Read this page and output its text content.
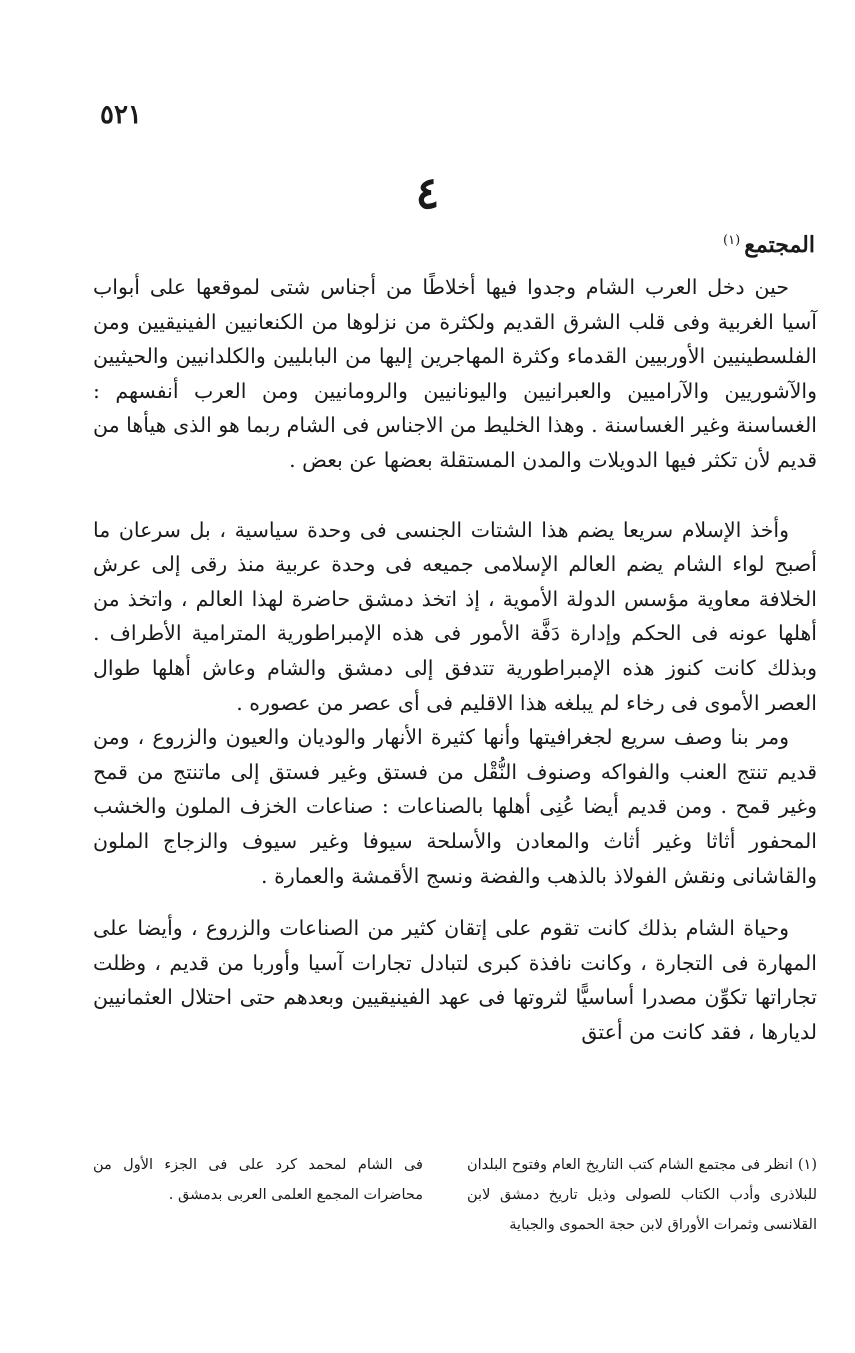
٥٢١
٤
المجتمع$^{(١)}$

حين دخل العرب الشام وجدوا فيها أخلاطًا من أجناس شتى لموقعها على أبواب آسيا الغربية وفى قلب الشرق القديم ولكثرة من نزلوها من الكنعانيين الفينيقيين ومن الفلسطينيين الأوربيين القدماء وكثرة المهاجرين إليها من البابليين والكلدانيين والحيثيين والآشوريين والآراميين والعبرانيين واليونانيين والرومانيين ومن العرب أنفسهم : الغساسنة وغير الغساسنة . وهذا الخليط من الاجناس فى الشام ربما هو الذى هيأها من قديم لأن تكثر فيها الدويلات والمدن المستقلة بعضها عن بعض .

وأخذ الإسلام سريعا يضم هذا الشتات الجنسى فى وحدة سياسية ، بل سرعان ما أصبح لواء الشام يضم العالم الإسلامى جميعه فى وحدة عربية منذ رقى إلى عرش الخلافة معاوية مؤسس الدولة الأموية ، إذ اتخذ دمشق حاضرة لهذا العالم ، واتخذ من أهلها عونه فى الحكم وإدارة دَفَّة الأمور فى هذه الإمبراطورية المترامية الأطراف . وبذلك كانت كنوز هذه الإمبراطورية تتدفق إلى دمشق والشام وعاش أهلها طوال العصر الأموى فى رخاء لم يبلغه هذا الاقليم فى أى عصر من عصوره .

ومر بنا وصف سريع لجغرافيتها وأنها كثيرة الأنهار والوديان والعيون والزروع ، ومن قديم تنتج العنب والفواكه وصنوف النُّقْل من فستق وغير فستق إلى ماتنتج من قمح وغير قمح . ومن قديم أيضا عُنِى أهلها بالصناعات : صناعات الخزف الملون والخشب المحفور أثاثا وغير أثاث والمعادن والأسلحة سيوفا وغير سيوف والزجاج الملون والقاشانى ونقش الفولاذ بالذهب والفضة ونسج الأقمشة والعمارة .

وحياة الشام بذلك كانت تقوم على إتقان كثير من الصناعات والزروع ، وأيضا على المهارة فى التجارة ، وكانت نافذة كبرى لتبادل تجارات آسيا وأوربا من قديم ، وظلت تجاراتها تكوِّن مصدرا أساسيًّا لثروتها فى عهد الفينيقيين وبعدهم حتى احتلال العثمانيين لديارها ، فقد كانت من أعتق

(١) انظر فى مجتمع الشام كتب التاريخ العام وفتوح البلدان للبلاذرى وأدب الكتاب للصولى وذيل تاريخ دمشق لابن القلانسى وثمرات الأوراق لابن حجة الحموى والجباية
فى الشام لمحمد كرد على فى الجزء الأول من محاضرات المجمع العلمى العربى بدمشق .
